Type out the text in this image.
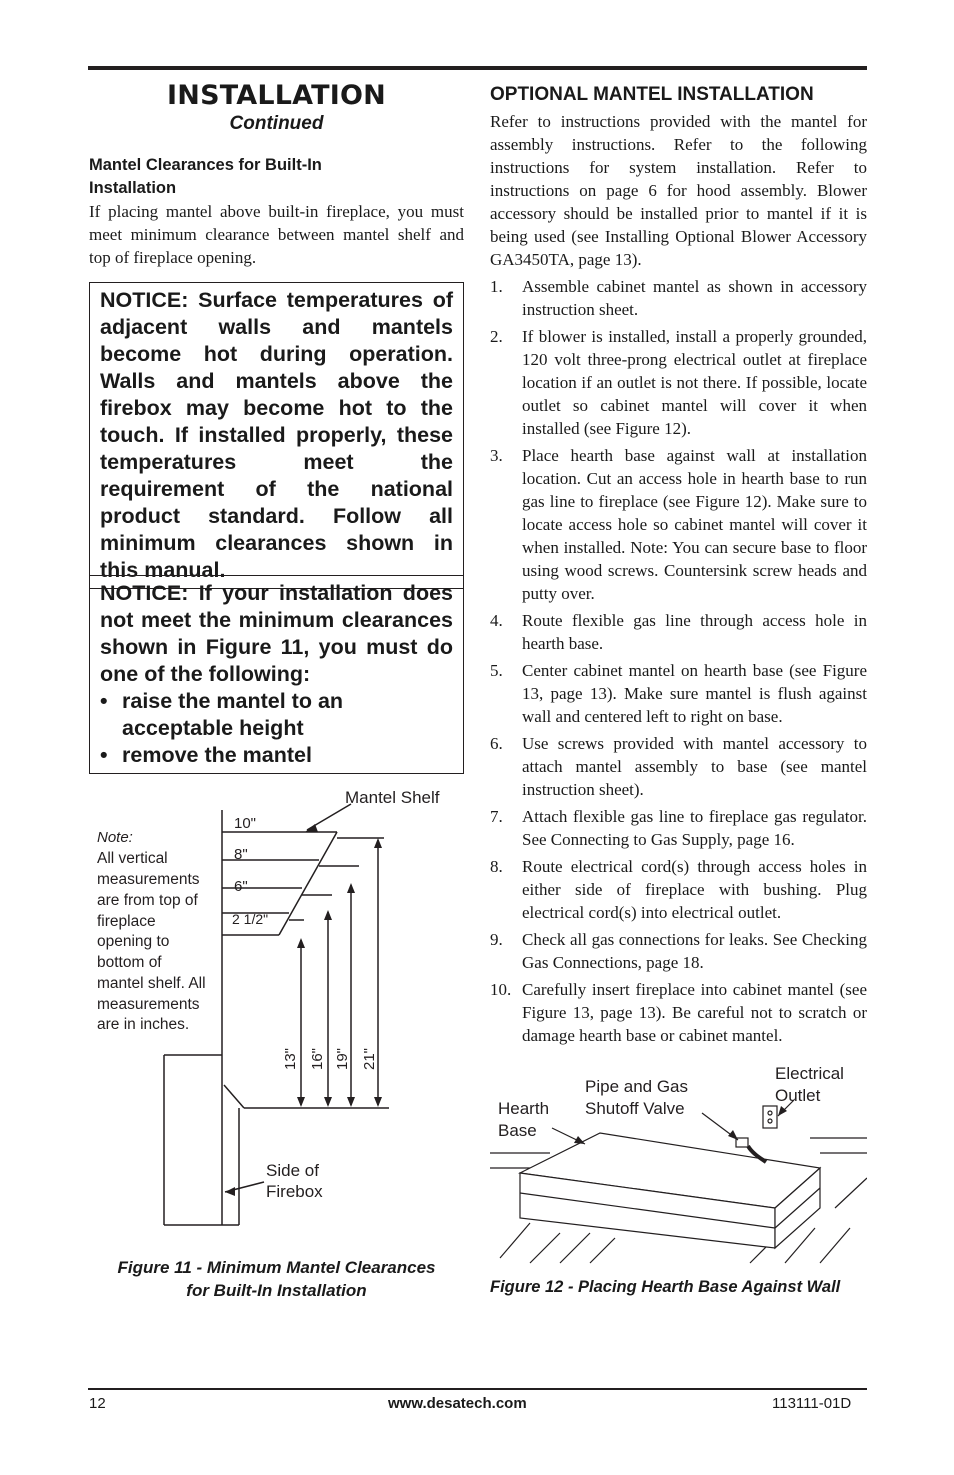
INSTALLATION

Continued

Mantel Clearances for Built-In
Installation

If placing mantel above built-in fireplace, you must meet minimum clearance between mantel shelf and top of fireplace opening.

NOTICE: Surface temperatures of adjacent walls and mantels become hot during operation. Walls and mantels above the firebox may become hot to the touch. If installed properly, these temperatures meet the requirement of the national product standard. Follow all minimum clearances shown in this manual.
NOTICE: If your installation does not meet the minimum clearances shown in Figure 11, you must do one of the following:
• raise the mantel to an acceptable height
• remove the mantel
Mantel Shelf
Note:
All vertical
measurements
are from top of
fireplace
opening to
bottom of
mantel shelf. All
measurements
are in inches.
10"
8"
6"
2 1/2"
13" 16" 19" 21"
Side of
Firebox
Figure 11 - Minimum Mantel Clearances
for Built-In Installation
OPTIONAL MANTEL INSTALLATION

Refer to instructions provided with the mantel for assembly instructions. Refer to the following instructions for system installation. Refer to instructions on page 6 for hood assembly. Blower accessory should be installed prior to mantel if it is being used (see Installing Optional Blower Accessory GA3450TA, page 13).

1.	Assemble cabinet mantel as shown in accessory instruction sheet.
2.	If blower is installed, install a properly grounded, 120 volt three-prong electrical outlet at fireplace location if an outlet is not there. If possible, locate outlet so cabinet mantel will cover it when installed (see Figure 12).
3.	Place hearth base against wall at installation location. Cut an access hole in hearth base to run gas line to fireplace (see Figure 12). Make sure to locate access hole so cabinet mantel will cover it when installed. Note: You can secure base to floor using wood screws. Countersink screw heads and putty over.
4.	Route flexible gas line through access hole in hearth base.
5.	Center cabinet mantel on hearth base (see Figure 13, page 13). Make sure mantel is flush against wall and centered left to right on base.
6.	Use screws provided with mantel accessory to attach mantel assembly to base (see mantel instruction sheet).
7.	Attach flexible gas line to fireplace gas regulator. See Connecting to Gas Supply, page 16.
8.	Route electrical cord(s) through access holes in either side of fireplace with bushing. Plug electrical cord(s) into electrical outlet.
9.	Check all gas connections for leaks. See Checking Gas Connections, page 18.
10. Carefully insert fireplace into cabinet mantel (see Figure 13, page 13). Be careful not to scratch or damage hearth base or cabinet mantel.
Hearth
Base
Pipe and Gas
Shutoff Valve
Electrical
Outlet
Figure 12 - Placing Hearth Base Against Wall
12	www.desatech.com	113111-01D
